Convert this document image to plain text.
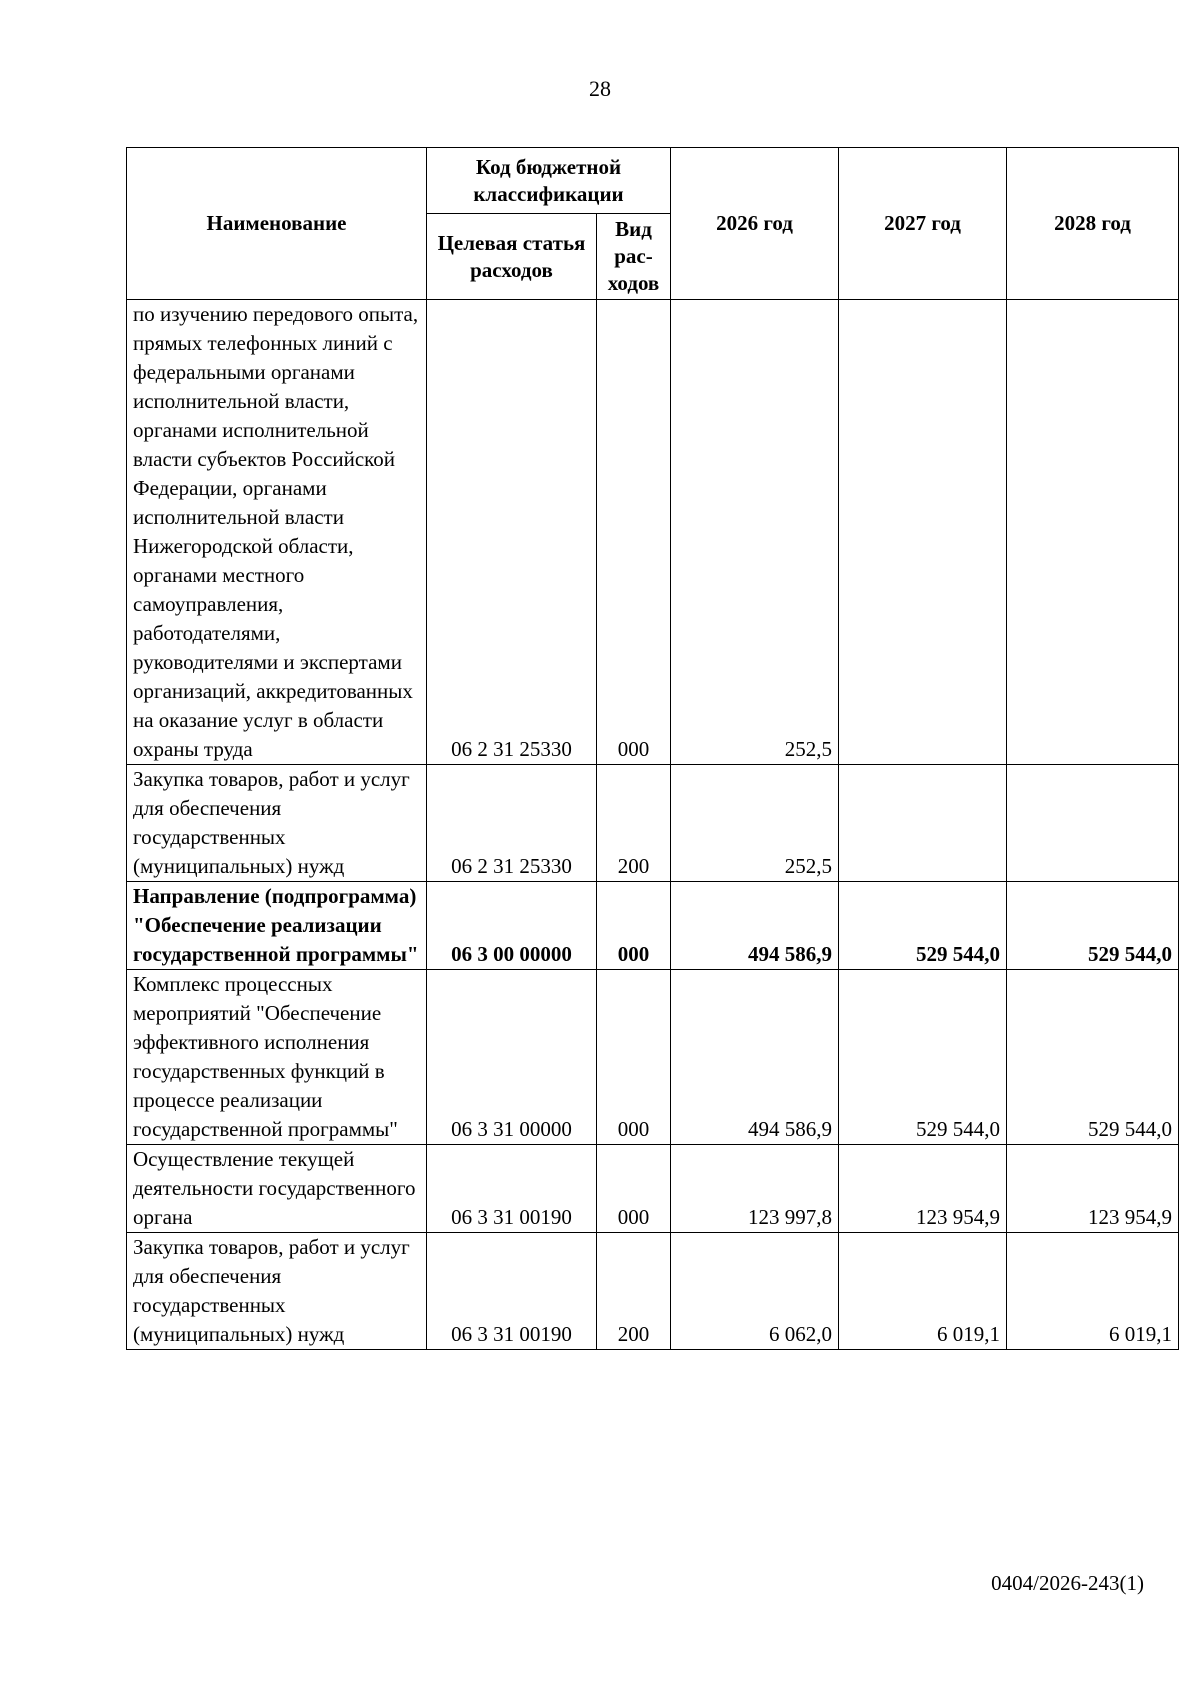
28
Наименование	Код бюджетной классификации		2026 год	2027 год	2028 год
	Целевая статья расходов	Вид рас-ходов			
по изучению передового опыта, прямых телефонных линий с федеральными органами исполнительной власти, органами исполнительной власти субъектов Российской Федерации, органами исполнительной власти Нижегородской области, органами местного самоуправления, работодателями, руководителями и экспертами организаций, аккредитованных на оказание услуг в области охраны труда	06 2 31 25330	000	252,5		
Закупка товаров, работ и услуг для обеспечения государственных (муниципальных) нужд	06 2 31 25330	200	252,5		
Направление (подпрограмма) "Обеспечение реализации государственной программы"	06 3 00 00000	000	494 586,9	529 544,0	529 544,0
Комплекс процессных мероприятий "Обеспечение эффективного исполнения государственных функций в процессе реализации государственной программы"	06 3 31 00000	000	494 586,9	529 544,0	529 544,0
Осуществление текущей деятельности государственного органа	06 3 31 00190	000	123 997,8	123 954,9	123 954,9
Закупка товаров, работ и услуг для обеспечения государственных (муниципальных) нужд	06 3 31 00190	200	6 062,0	6 019,1	6 019,1
0404/2026-243(1)
